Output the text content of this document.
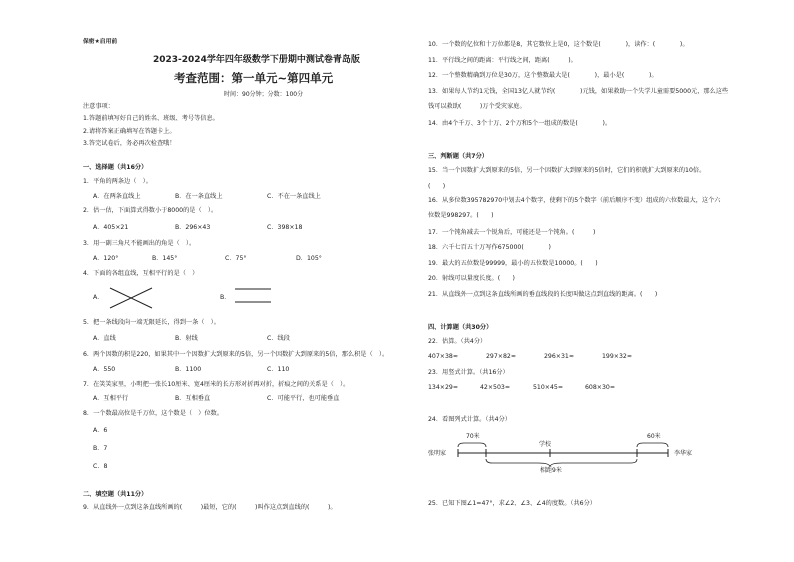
保密★启用前
2023-2024学年四年级数学下册期中测试卷青岛版
考查范围：第一单元~第四单元
时间：90分钟；分数：100分
注意事项：
1.答题前填写好自己的姓名、班级、考号等信息。
2.请将答案正确填写在答题卡上。
3.答完试卷后，务必再次检查哦！
一、选择题（共16分）
1．平角的两条边（　）。
A．在两条直线上	B．在一条直线上	C．不在一条直线上
2．估一估，下面算式得数小于8000的是（　）。
A．405×21	B．296×43	C．398×18
3．用一副三角尺不能画出的角是（　）。
A．120°	B．145°	C．75°	D．105°
4．下面的各组直线，互相平行的是（　）
A．	B．
5．把一条线段向一端无限延长，得到一条（　）。
A．直线	B．射线	C．线段
6．两个因数的积是220，如果其中一个因数扩大到原来的5倍，另一个因数扩大到原来的5倍，那么积是（　）。
A．550	B．1100	C．110
7．在笑笑家里，小明把一张长10厘米、宽4厘米的长方形对折再对折，折痕之间的关系是（　）。
A．互相平行	B．互相垂直	C．可能平行，也可能垂直
8．一个数最高位是千万位，这个数是（　）位数。
A．6
B．7
C．8
二、填空题（共11分）
9．从直线外一点到这条直线所画的(　　　)最短，它的(　　　)叫作这点到直线的(　　　)。
10．一个数的亿位和十万位都是8，其它数位上是0，这个数是(　　　　)，读作：(　　　　)。
11．平行线之间的距离：平行线之间，距离(　　　)。
12．一个整数精确到万位是30万，这个整数最大是(　　　　)，最小是(　　　　)。
13．如果每人节约1元钱，全国13亿人就节约(　　　　)元钱，如果救助一个失学儿童需要5000元，那么这些
钱可以救助(　　　)万个受灾家庭。
14．由4个千万、3个十万、2个万和5个一组成的数是(　　　　)。
三、判断题（共7分）
15．当一个因数扩大到原来的5倍，另一个因数扩大到原来的5倍时，它们的积就扩大到原来的10倍。
(　　)
16．从多位数395782970中划去4个数字，使剩下的5个数字（前后顺序不变）组成的六位数最大，这个六
位数是998297。(　　)
17．一个钝角减去一个锐角后，可能还是一个钝角。(　　　)
18．六千七百五十万写作675000(　　　　)
19．最大的五位数是99999，最小的五位数是10000。(　　)
20．射线可以量度长度。(　　)
21．从直线外一点到这条直线所画的垂直线段的长度叫做这点到直线的距离。(　　)
四、计算题（共30分）
22．估算。（共4分）
407×38≈	297×82≈	296×31≈	199×32≈
23．用竖式计算。（共16分）
134×29=	42×503=	510×45=	608×30=
24．看图列式计算。（共4分）
70米	60米
学校
张明家	李华家
相距9米
25．已知下图∠1=47°，求∠2、∠3、∠4的度数。（共6分）
